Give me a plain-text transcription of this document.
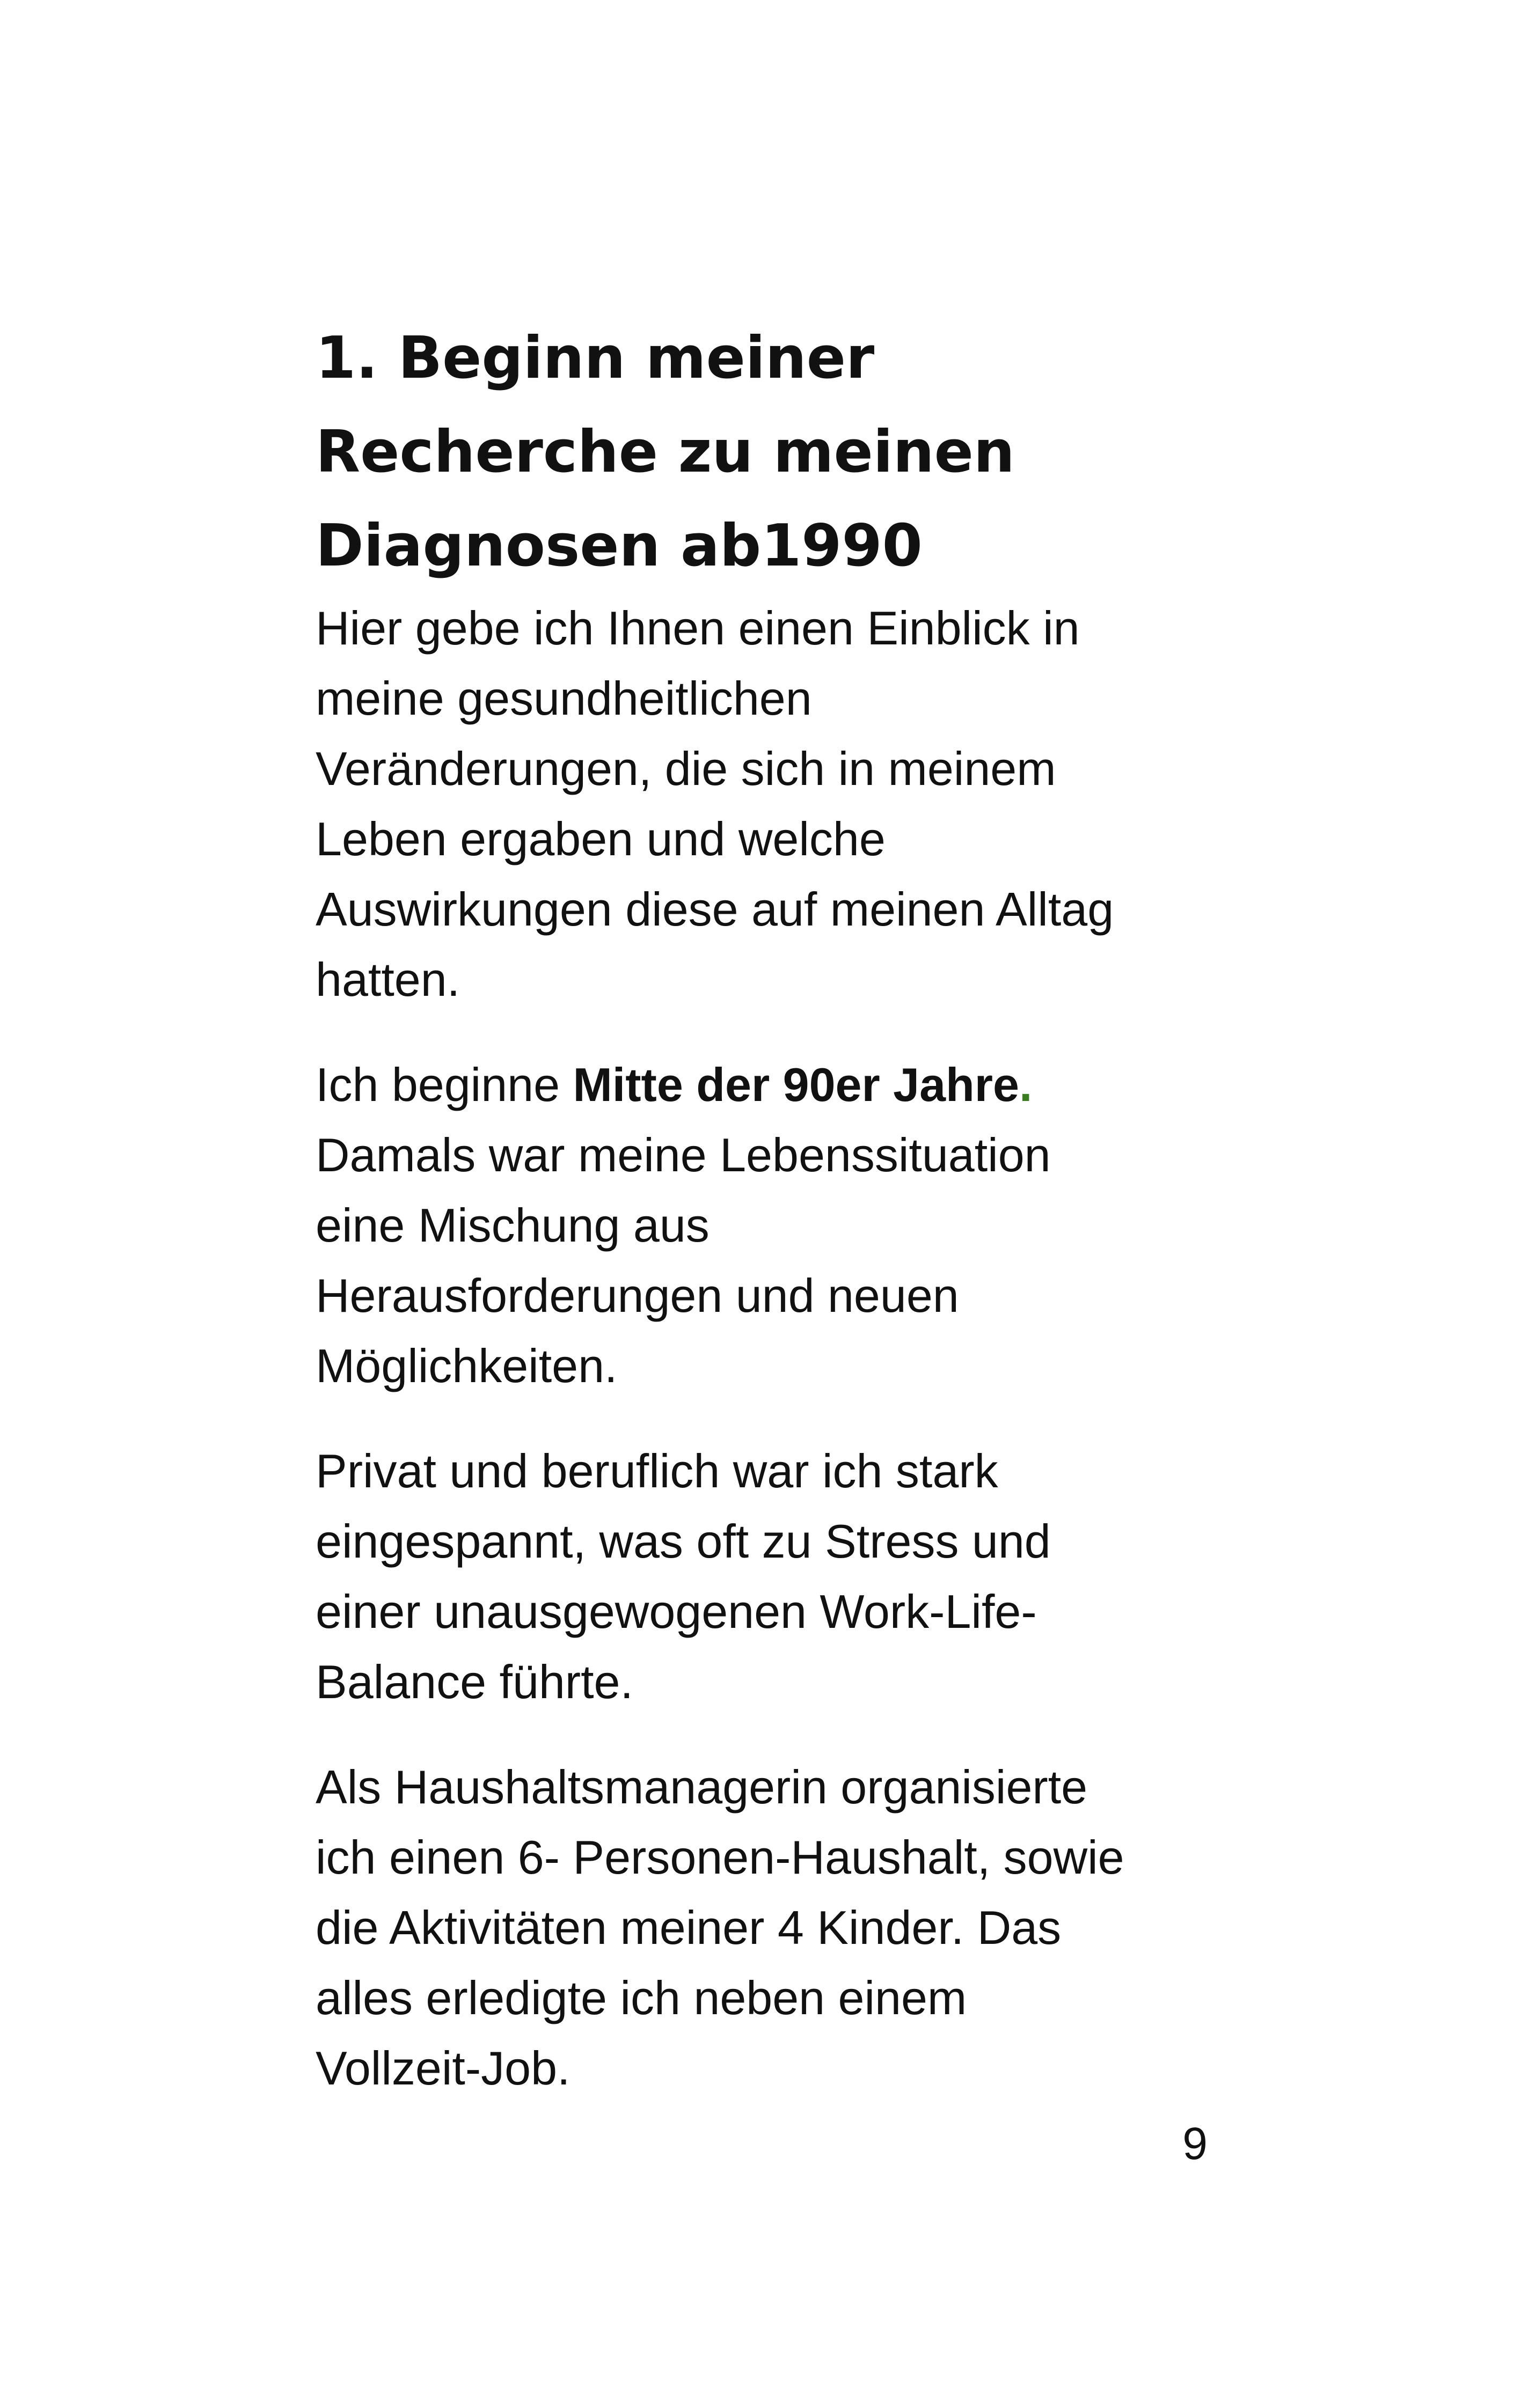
1. Beginn meiner
Recherche zu meinen
Diagnosen ab1990

Hier gebe ich Ihnen einen Einblick in
meine gesundheitlichen
Veränderungen, die sich in meinem
Leben ergaben und welche
Auswirkungen diese auf meinen Alltag
hatten.

Ich beginne Mitte der 90er Jahre.
Damals war meine Lebenssituation
eine Mischung aus
Herausforderungen und neuen
Möglichkeiten.

Privat und beruflich war ich stark
eingespannt, was oft zu Stress und
einer unausgewogenen Work-Life-
Balance führte.

Als Haushaltsmanagerin organisierte
ich einen 6- Personen-Haushalt, sowie
die Aktivitäten meiner 4 Kinder. Das
alles erledigte ich neben einem
Vollzeit-Job.

9
